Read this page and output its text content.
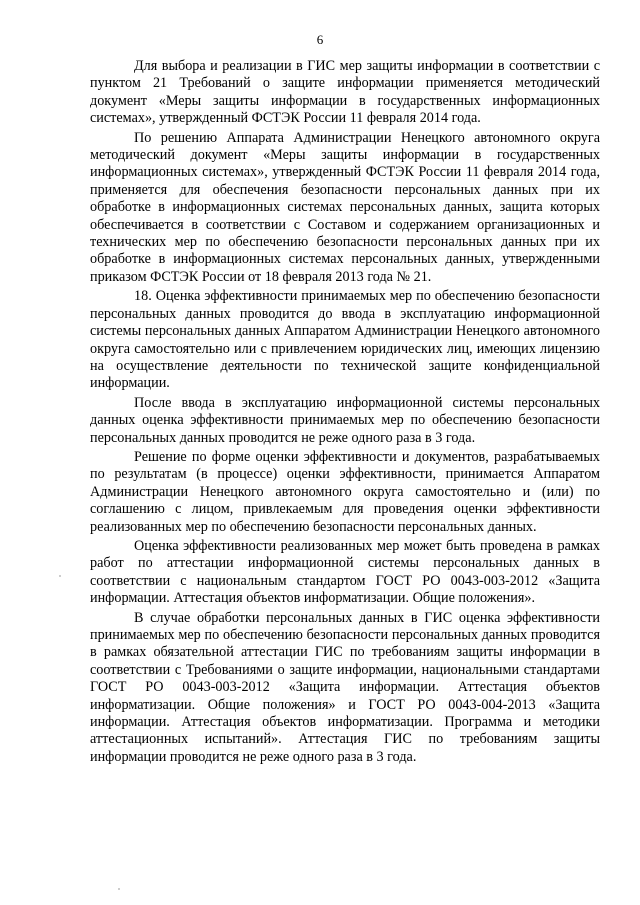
6

Для выбора и реализации в ГИС мер защиты информации в соответствии с пунктом 21 Требований о защите информации применяется методический документ «Меры защиты информации в государственных информационных системах», утвержденный ФСТЭК России 11 февраля 2014 года.

По решению Аппарата Администрации Ненецкого автономного округа методический документ «Меры защиты информации в государственных информационных системах», утвержденный ФСТЭК России 11 февраля 2014 года, применяется для обеспечения безопасности персональных данных при их обработке в информационных системах персональных данных, защита которых обеспечивается в соответствии с Составом и содержанием организационных и технических мер по обеспечению безопасности персональных данных при их обработке в информационных системах персональных данных, утвержденными приказом ФСТЭК России от 18 февраля 2013 года № 21.

18. Оценка эффективности принимаемых мер по обеспечению безопасности персональных данных проводится до ввода в эксплуатацию информационной системы персональных данных Аппаратом Администрации Ненецкого автономного округа самостоятельно или с привлечением юридических лиц, имеющих лицензию на осуществление деятельности по технической защите конфиденциальной информации.

После ввода в эксплуатацию информационной системы персональных данных оценка эффективности принимаемых мер по обеспечению безопасности персональных данных проводится не реже одного раза в 3 года.

Решение по форме оценки эффективности и документов, разрабатываемых по результатам (в процессе) оценки эффективности, принимается Аппаратом Администрации Ненецкого автономного округа самостоятельно и (или) по соглашению с лицом, привлекаемым для проведения оценки эффективности реализованных мер по обеспечению безопасности персональных данных.

Оценка эффективности реализованных мер может быть проведена в рамках работ по аттестации информационной системы персональных данных в соответствии с национальным стандартом ГОСТ РО 0043-003-2012 «Защита информации. Аттестация объектов информатизации. Общие положения».

В случае обработки персональных данных в ГИС оценка эффективности принимаемых мер по обеспечению безопасности персональных данных проводится в рамках обязательной аттестации ГИС по требованиям защиты информации в соответствии с Требованиями о защите информации, национальными стандартами ГОСТ РО 0043-003-2012 «Защита информации. Аттестация объектов информатизации. Общие положения» и ГОСТ РО 0043-004-2013 «Защита информации. Аттестация объектов информатизации. Программа и методики аттестационных испытаний». Аттестация ГИС по требованиям защиты информации проводится не реже одного раза в 3 года.
